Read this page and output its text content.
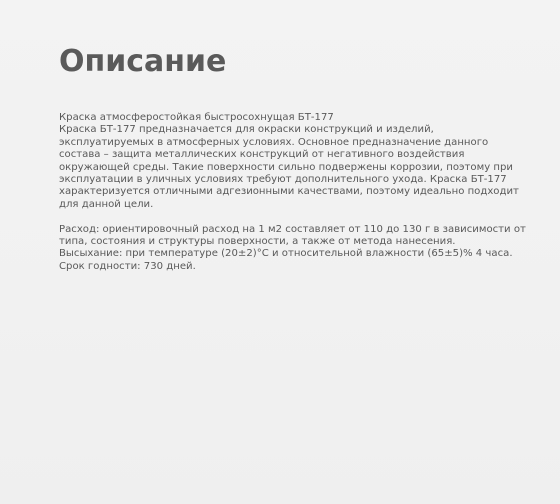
Описание

Краска атмосферостойкая быстросохнущая БТ-177
Краска БТ-177 предназначается для окраски конструкций и изделий,
эксплуатируемых в атмосферных условиях. Основное предназначение данного
состава – защита металлических конструкций от негативного воздействия
окружающей среды. Такие поверхности сильно подвержены коррозии, поэтому при
эксплуатации в уличных условиях требуют дополнительного ухода. Краска БТ-177
характеризуется отличными адгезионными качествами, поэтому идеально подходит
для данной цели.

Расход: ориентировочный расход на 1 м2 составляет от 110 до 130 г в зависимости от
типа, состояния и структуры поверхности, а также от метода нанесения.
Высыхание: при температуре (20±2)°С и относительной влажности (65±5)% 4 часа.
Срок годности: 730 дней.
